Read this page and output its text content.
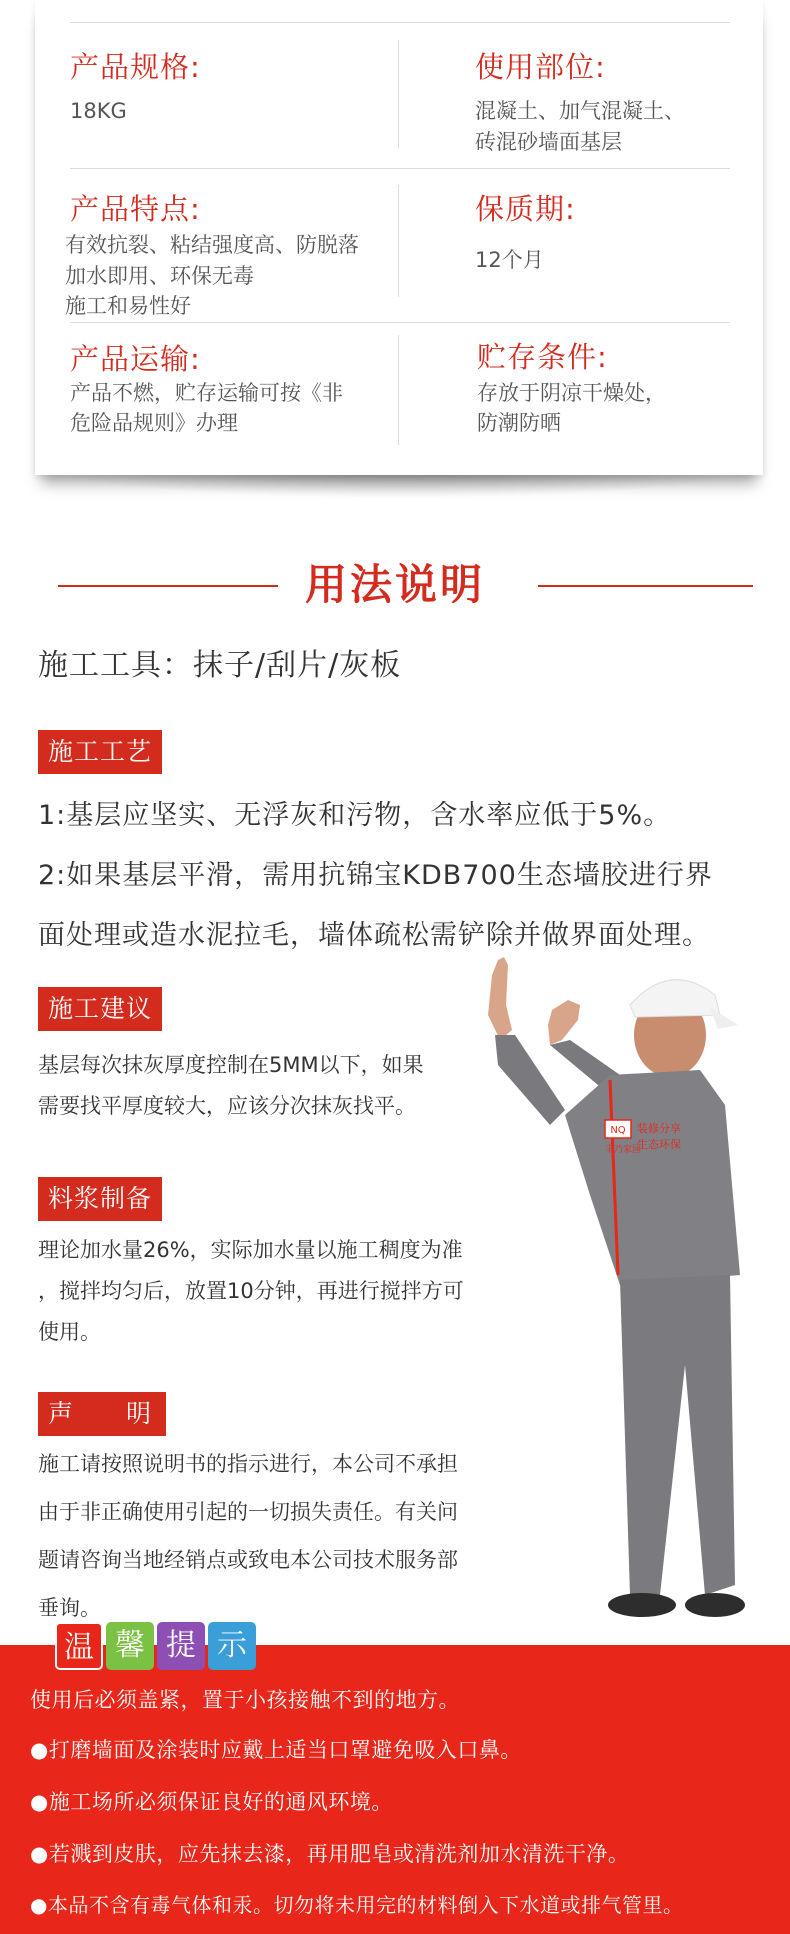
产品规格:
18KG
使用部位:
混凝土、加气混凝土、
砖混砂墙面基层
产品特点:
有效抗裂、粘结强度高、防脱落
加水即用、环保无毒
施工和易性好
保质期:
12个月
产品运输:
产品不燃，贮存运输可按《非
危险品规则》办理
贮存条件:
存放于阴凉干燥处，
防潮防晒
用法说明
施工工具：抹子/刮片/灰板
施工工艺
1:基层应坚实、无浮灰和污物，含水率应低于5%。
2:如果基层平滑，需用抗锦宝KDB700生态墙胶进行界
面处理或造水泥拉毛，墙体疏松需铲除并做界面处理。
施工建议
基层每次抹灰厚度控制在5MM以下，如果
需要找平厚度较大，应该分次抹灰找平。
料浆制备
理论加水量26%，实际加水量以施工稠度为准
，搅拌均匀后，放置10分钟，再进行搅拌方可
使用。
声　　明
施工请按照说明书的指示进行，本公司不承担
由于非正确使用引起的一切损失责任。有关问
题请咨询当地经销点或致电本公司技术服务部
垂询。
NQ
丰乃家园
装修分享
生态环保
温 馨 提 示
使用后必须盖紧，置于小孩接触不到的地方。
●打磨墙面及涂装时应戴上适当口罩避免吸入口鼻。
●施工场所必须保证良好的通风环境。
●若溅到皮肤，应先抹去漆，再用肥皂或清洗剂加水清洗干净。
●本品不含有毒气体和汞。切勿将未用完的材料倒入下水道或排气管里。
